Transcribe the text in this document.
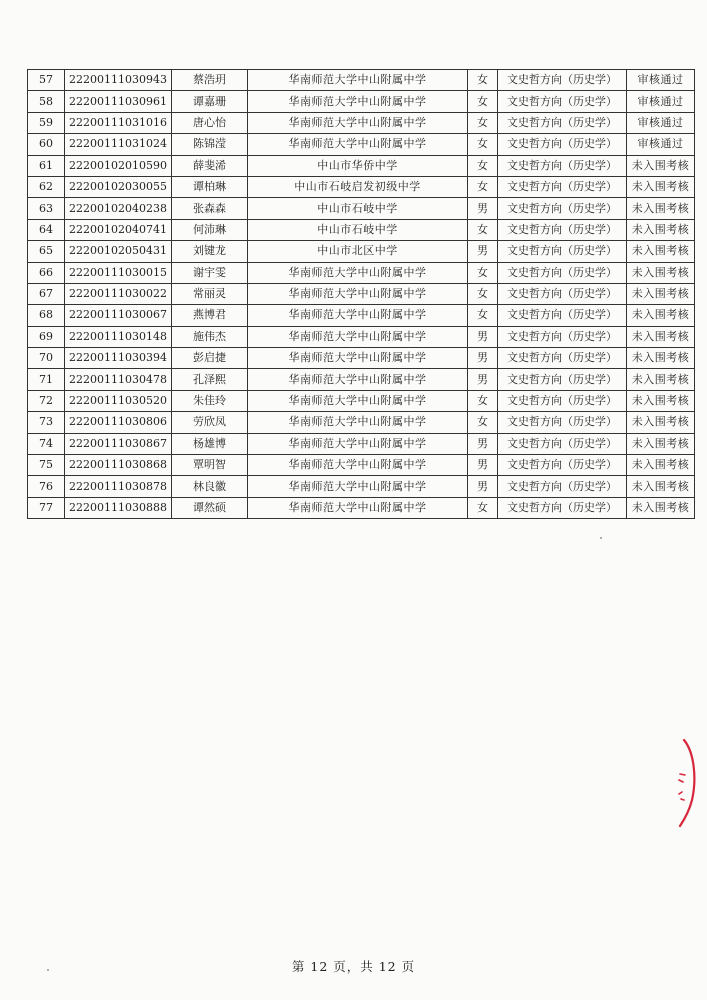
57	22200111030943	蔡浩玥	华南师范大学中山附属中学	女	文史哲方向（历史学）	审核通过
58	22200111030961	谭嘉珊	华南师范大学中山附属中学	女	文史哲方向（历史学）	审核通过
59	22200111031016	唐心怡	华南师范大学中山附属中学	女	文史哲方向（历史学）	审核通过
60	22200111031024	陈锦滢	华南师范大学中山附属中学	女	文史哲方向（历史学）	审核通过
61	22200102010590	薛斐浠	中山市华侨中学	女	文史哲方向（历史学）	未入围考核
62	22200102030055	谭柏琳	中山市石岐启发初级中学	女	文史哲方向（历史学）	未入围考核
63	22200102040238	张森森	中山市石岐中学	男	文史哲方向（历史学）	未入围考核
64	22200102040741	何沛琳	中山市石岐中学	女	文史哲方向（历史学）	未入围考核
65	22200102050431	刘键龙	中山市北区中学	男	文史哲方向（历史学）	未入围考核
66	22200111030015	谢宇雯	华南师范大学中山附属中学	女	文史哲方向（历史学）	未入围考核
67	22200111030022	常丽灵	华南师范大学中山附属中学	女	文史哲方向（历史学）	未入围考核
68	22200111030067	燕博君	华南师范大学中山附属中学	女	文史哲方向（历史学）	未入围考核
69	22200111030148	施伟杰	华南师范大学中山附属中学	男	文史哲方向（历史学）	未入围考核
70	22200111030394	彭启捷	华南师范大学中山附属中学	男	文史哲方向（历史学）	未入围考核
71	22200111030478	孔泽熙	华南师范大学中山附属中学	男	文史哲方向（历史学）	未入围考核
72	22200111030520	朱佳玲	华南师范大学中山附属中学	女	文史哲方向（历史学）	未入围考核
73	22200111030806	劳欣凤	华南师范大学中山附属中学	女	文史哲方向（历史学）	未入围考核
74	22200111030867	杨雄博	华南师范大学中山附属中学	男	文史哲方向（历史学）	未入围考核
75	22200111030868	覃明智	华南师范大学中山附属中学	男	文史哲方向（历史学）	未入围考核
76	22200111030878	林良徽	华南师范大学中山附属中学	男	文史哲方向（历史学）	未入围考核
77	22200111030888	谭然硕	华南师范大学中山附属中学	女	文史哲方向（历史学）	未入围考核
第 12 页，共 12 页
